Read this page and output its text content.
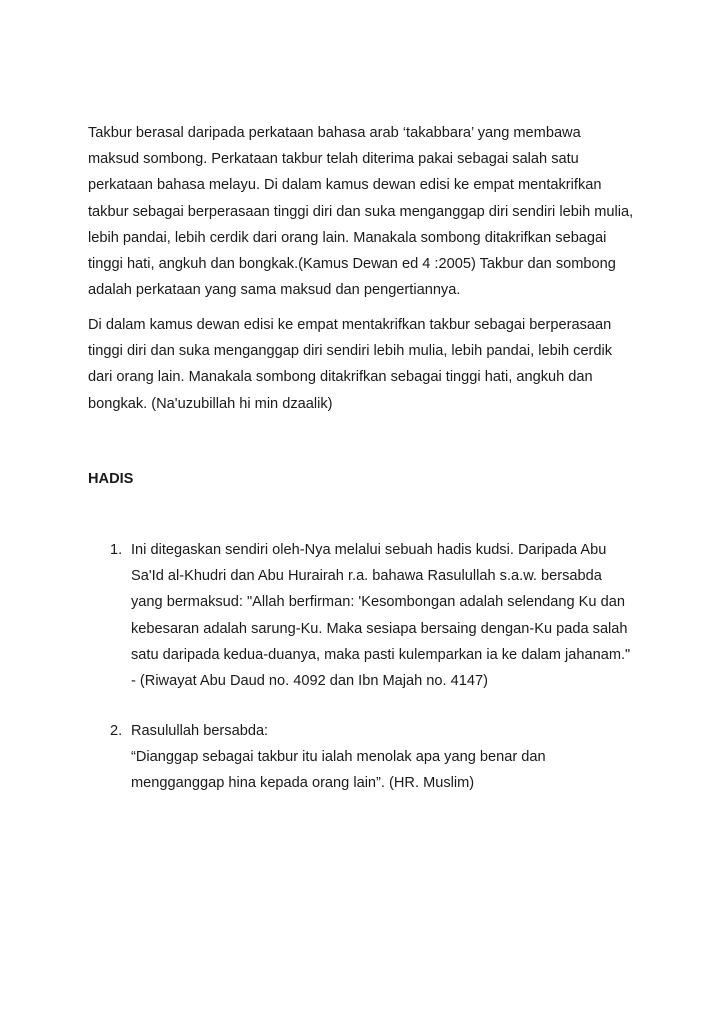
Takbur berasal daripada perkataan bahasa arab ‘takabbara’ yang membawa
maksud sombong. Perkataan takbur telah diterima pakai sebagai salah satu
perkataan bahasa melayu. Di dalam kamus dewan edisi ke empat mentakrifkan
takbur sebagai berperasaan tinggi diri dan suka menganggap diri sendiri lebih mulia,
lebih pandai, lebih cerdik dari orang lain. Manakala sombong ditakrifkan sebagai
tinggi hati, angkuh dan bongkak.(Kamus Dewan ed 4 :2005) Takbur dan sombong
adalah perkataan yang sama maksud dan pengertiannya.

Di dalam kamus dewan edisi ke empat mentakrifkan takbur sebagai berperasaan
tinggi diri dan suka menganggap diri sendiri lebih mulia, lebih pandai, lebih cerdik
dari orang lain. Manakala sombong ditakrifkan sebagai tinggi hati, angkuh dan
bongkak. (Na'uzubillah hi min dzaalik)

HADIS
1. Ini ditegaskan sendiri oleh-Nya melalui sebuah hadis kudsi. Daripada Abu
Sa'Id al-Khudri dan Abu Hurairah r.a. bahawa Rasulullah s.a.w. bersabda
yang bermaksud: "Allah berfirman: 'Kesombongan adalah selendang Ku dan
kebesaran adalah sarung-Ku. Maka sesiapa bersaing dengan-Ku pada salah
satu daripada kedua-duanya, maka pasti kulemparkan ia ke dalam jahanam."
- (Riwayat Abu Daud no. 4092 dan Ibn Majah no. 4147)
2. Rasulullah bersabda:
“Dianggap sebagai takbur itu ialah menolak apa yang benar dan
mengganggap hina kepada orang lain”. (HR. Muslim)
